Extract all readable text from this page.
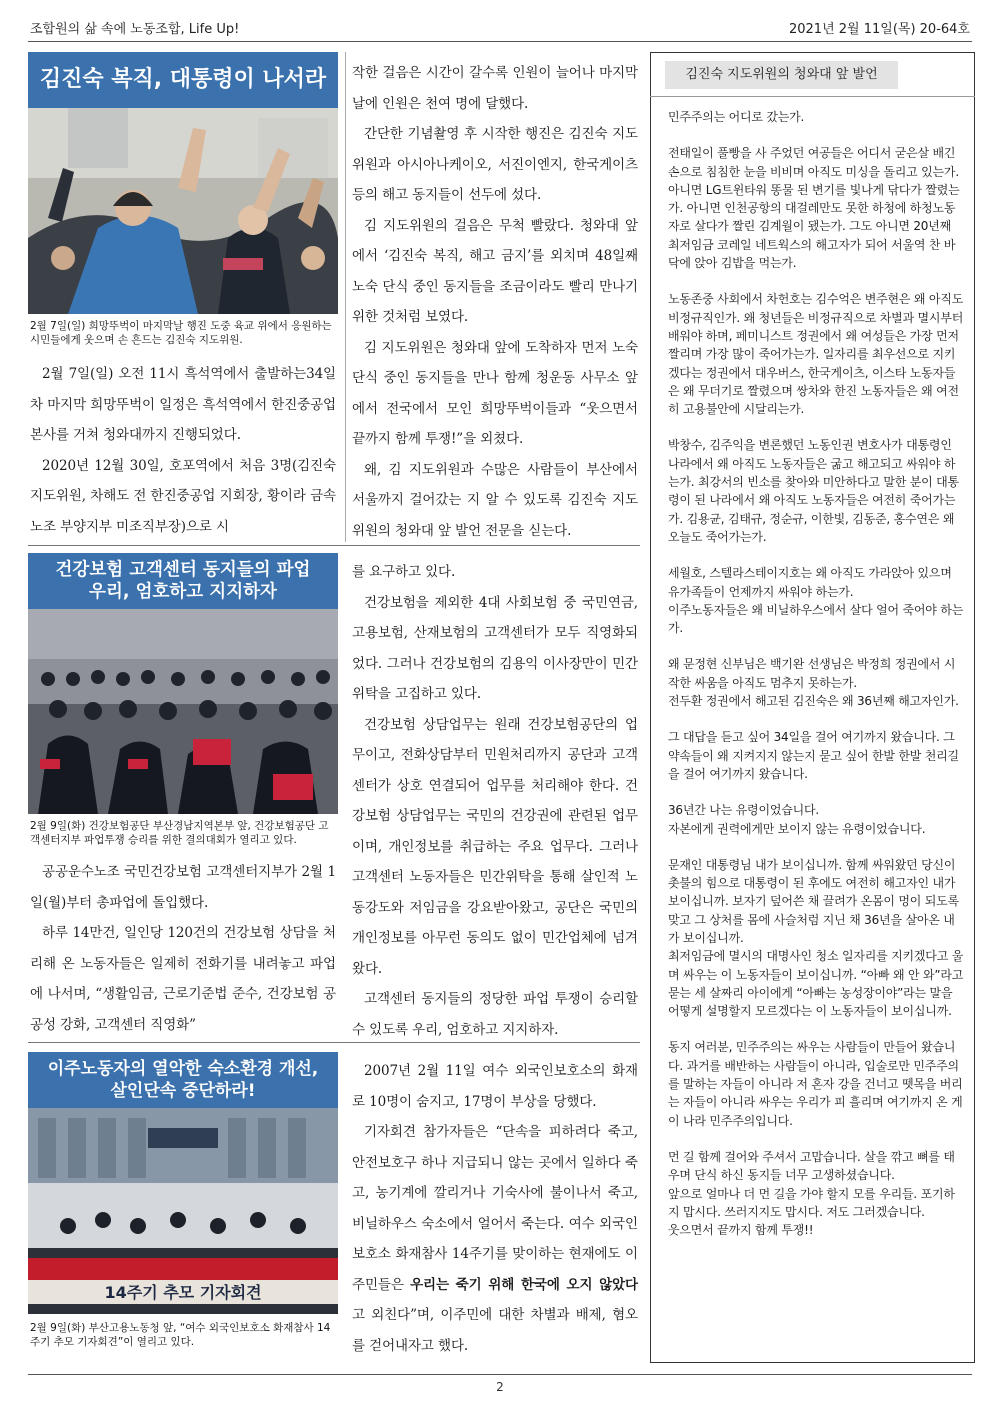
조합원의 삶 속에 노동조합, Life Up!	2021년 2월 11일(목) 20-64호
김진숙 복직, 대통령이 나서라
2월 7일(일) 희망뚜벅이 마지막날 행진 도중 육교 위에서 응원하는 시민들에게 웃으며 손 흔드는 김진숙 지도위원.

2월 7일(일) 오전 11시 흑석역에서 출발하는34일차 마지막 희망뚜벅이 일정은 흑석역에서 한진중공업 본사를 거쳐 청와대까지 진행되었다.

2020년 12월 30일, 호포역에서 처음 3명(김진숙 지도위원, 차해도 전 한진중공업 지회장, 황이라 금속노조 부양지부 미조직부장)으로 시

작한 걸음은 시간이 갈수록 인원이 늘어나 마지막 날에 인원은 천여 명에 달했다.

간단한 기념촬영 후 시작한 행진은 김진숙 지도위원과 아시아나케이오, 서진이엔지, 한국게이츠 등의 해고 동지들이 선두에 섰다.

김 지도위원의 걸음은 무척 빨랐다. 청와대 앞에서 ‘김진숙 복직, 해고 금지’를 외치며 48일째 노숙 단식 중인 동지들을 조금이라도 빨리 만나기 위한 것처럼 보였다.

김 지도위원은 청와대 앞에 도착하자 먼저 노숙 단식 중인 동지들을 만나 함께 청운동 사무소 앞에서 전국에서 모인 희망뚜벅이들과 “웃으면서 끝까지 함께 투쟁!”을 외쳤다.

왜, 김 지도위원과 수많은 사람들이 부산에서 서울까지 걸어갔는 지 알 수 있도록 김진숙 지도위원의 청와대 앞 발언 전문을 싣는다.

건강보험 고객센터 동지들의 파업
우리, 엄호하고 지지하자
2월 9일(화) 건강보험공단 부산경남지역본부 앞, 건강보험공단 고객센터지부 파업투쟁 승리를 위한 결의대회가 열리고 있다.

공공운수노조 국민건강보험 고객센터지부가 2월 1일(월)부터 총파업에 돌입했다.

하루 14만건, 일인당 120건의 건강보험 상담을 처리해 온 노동자들은 일제히 전화기를 내려놓고 파업에 나서며, “생활임금, 근로기준법 준수, 건강보험 공공성 강화, 고객센터 직영화”

를 요구하고 있다.

건강보험을 제외한 4대 사회보험 중 국민연금, 고용보험, 산재보험의 고객센터가 모두 직영화되었다. 그러나 건강보험의 김용익 이사장만이 민간위탁을 고집하고 있다.

건강보험 상담업무는 원래 건강보험공단의 업무이고, 전화상담부터 민원처리까지 공단과 고객센터가 상호 연결되어 업무를 처리해야 한다. 건강보험 상담업무는 국민의 건강권에 관련된 업무이며, 개인정보를 취급하는 주요 업무다. 그러나 고객센터 노동자들은 민간위탁을 통해 살인적 노동강도와 저임금을 강요받아왔고, 공단은 국민의 개인정보를 아무런 동의도 없이 민간업체에 넘겨 왔다.

고객센터 동지들의 정당한 파업 투쟁이 승리할 수 있도록 우리, 엄호하고 지지하자.

이주노동자의 열악한 숙소환경 개선,
살인단속 중단하라!
14주기 추모 기자회견
2월 9일(화) 부산고용노동청 앞, “여수 외국인보호소 화재참사 14주기 추모 기자회견”이 열리고 있다.

2007년 2월 11일 여수 외국인보호소의 화재로 10명이 숨지고, 17명이 부상을 당했다.

기자회견 참가자들은 “단속을 피하려다 죽고, 안전보호구 하나 지급되니 않는 곳에서 일하다 죽고, 농기계에 깔리거나 기숙사에 불이나서 죽고, 비닐하우스 숙소에서 얼어서 죽는다. 여수 외국인보호소 화재참사 14주기를 맞이하는 현재에도 이주민들은 우리는 죽기 위해 한국에 오지 않았다고 외친다”며, 이주민에 대한 차별과 배제, 혐오를 걷어내자고 했다.

김진숙 지도위원의 청와대 앞 발언

민주주의는 어디로 갔는가.

전태일이 풀빵을 사 주었던 여공들은 어디서 굳은살 배긴 손으로 침침한 눈을 비비며 아직도 미싱을 돌리고 있는가. 아니면 LG트윈타워 똥물 된 변기를 빛나게 닦다가 짤렸는가. 아니면 인천공항의 대걸레만도 못한 하청에 하청노동자로 살다가 짤린 김계월이 됐는가. 그도 아니면 20년째 최저임금 코레일 네트웍스의 해고자가 되어 서울역 찬 바닥에 앉아 김밥을 먹는가.

노동존중 사회에서 차헌호는 김수억은 변주현은 왜 아직도 비정규직인가. 왜 청년들은 비정규직으로 차별과 멸시부터 배워야 하며, 페미니스트 정권에서 왜 여성들은 가장 먼저 짤리며 가장 많이 죽어가는가. 일자리를 최우선으로 지키겠다는 정권에서 대우버스, 한국게이츠, 이스타 노동자들은 왜 무더기로 짤렸으며 쌍차와 한진 노동자들은 왜 여전히 고용불안에 시달리는가.

박창수, 김주익을 변론했던 노동인권 변호사가 대통령인 나라에서 왜 아직도 노동자들은 굶고 해고되고 싸워야 하는가. 최강서의 빈소를 찾아와 미안하다고 말한 분이 대통령이 된 나라에서 왜 아직도 노동자들은 여전히 죽어가는가. 김용균, 김태규, 정순규, 이한빛, 김동준, 홍수연은 왜 오늘도 죽어가는가.

세월호, 스텔라스테이지호는 왜 아직도 가라앉아 있으며 유가족들이 언제까지 싸워야 하는가.

이주노동자들은 왜 비닐하우스에서 살다 얼어 죽어야 하는가.

왜 문정현 신부님은 백기완 선생님은 박정희 정권에서 시작한 싸움을 아직도 멈추지 못하는가.

전두환 정권에서 해고된 김진숙은 왜 36년째 해고자인가.

그 대답을 듣고 싶어 34일을 걸어 여기까지 왔습니다. 그 약속들이 왜 지켜지지 않는지 묻고 싶어 한발 한발 천리길을 걸어 여기까지 왔습니다.

36년간 나는 유령이었습니다.

자본에게 권력에게만 보이지 않는 유령이었습니다.

문재인 대통령님 내가 보이십니까. 함께 싸워왔던 당신이 촛불의 힘으로 대통령이 된 후에도 여전히 해고자인 내가 보이십니까. 보자기 덮어쓴 채 끌려가 온몸이 멍이 되도록 맞고 그 상처를 몸에 사슬처럼 지닌 채 36년을 살아온 내가 보이십니까.

최저임금에 멸시의 대명사인 청소 일자리를 지키겠다고 울며 싸우는 이 노동자들이 보이십니까. “아빠 왜 안 와”라고 묻는 세 살짜리 아이에게 “아빠는 농성장이야”라는 말을 어떻게 설명할지 모르겠다는 이 노동자들이 보이십니까.

동지 여러분, 민주주의는 싸우는 사람들이 만들어 왔습니다. 과거를 배반하는 사람들이 아니라, 입술로만 민주주의를 말하는 자들이 아니라 저 혼자 강을 건너고 뗏목을 버리는 자들이 아니라 싸우는 우리가 피 흘리며 여기까지 온 게 이 나라 민주주의입니다.

먼 길 함께 걸어와 주셔서 고맙습니다. 살을 깎고 뼈를 태우며 단식 하신 동지들 너무 고생하셨습니다.

앞으로 얼마나 더 먼 길을 가야 할지 모를 우리들. 포기하지 맙시다. 쓰러지지도 맙시다. 저도 그러겠습니다.

웃으면서 끝까지 함께 투쟁!!

2
